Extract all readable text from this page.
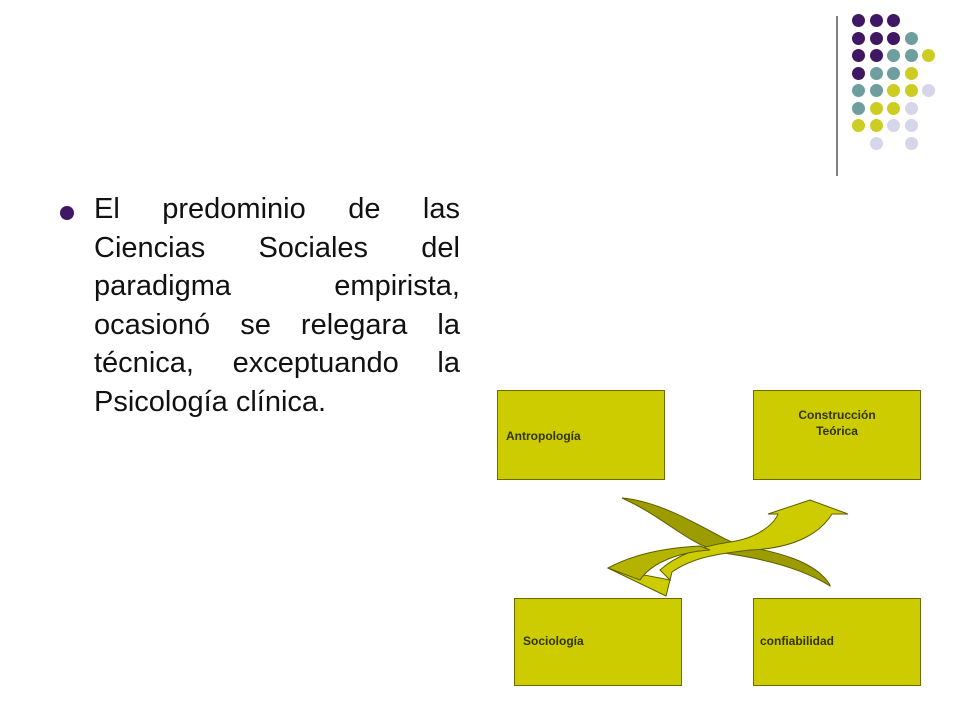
El predominio de las Ciencias Sociales del paradigma empirista, ocasionó se relegara la técnica, exceptuando la Psicología clínica.

Antropología
Construcción
Teórica
Sociología	confiabilidad
